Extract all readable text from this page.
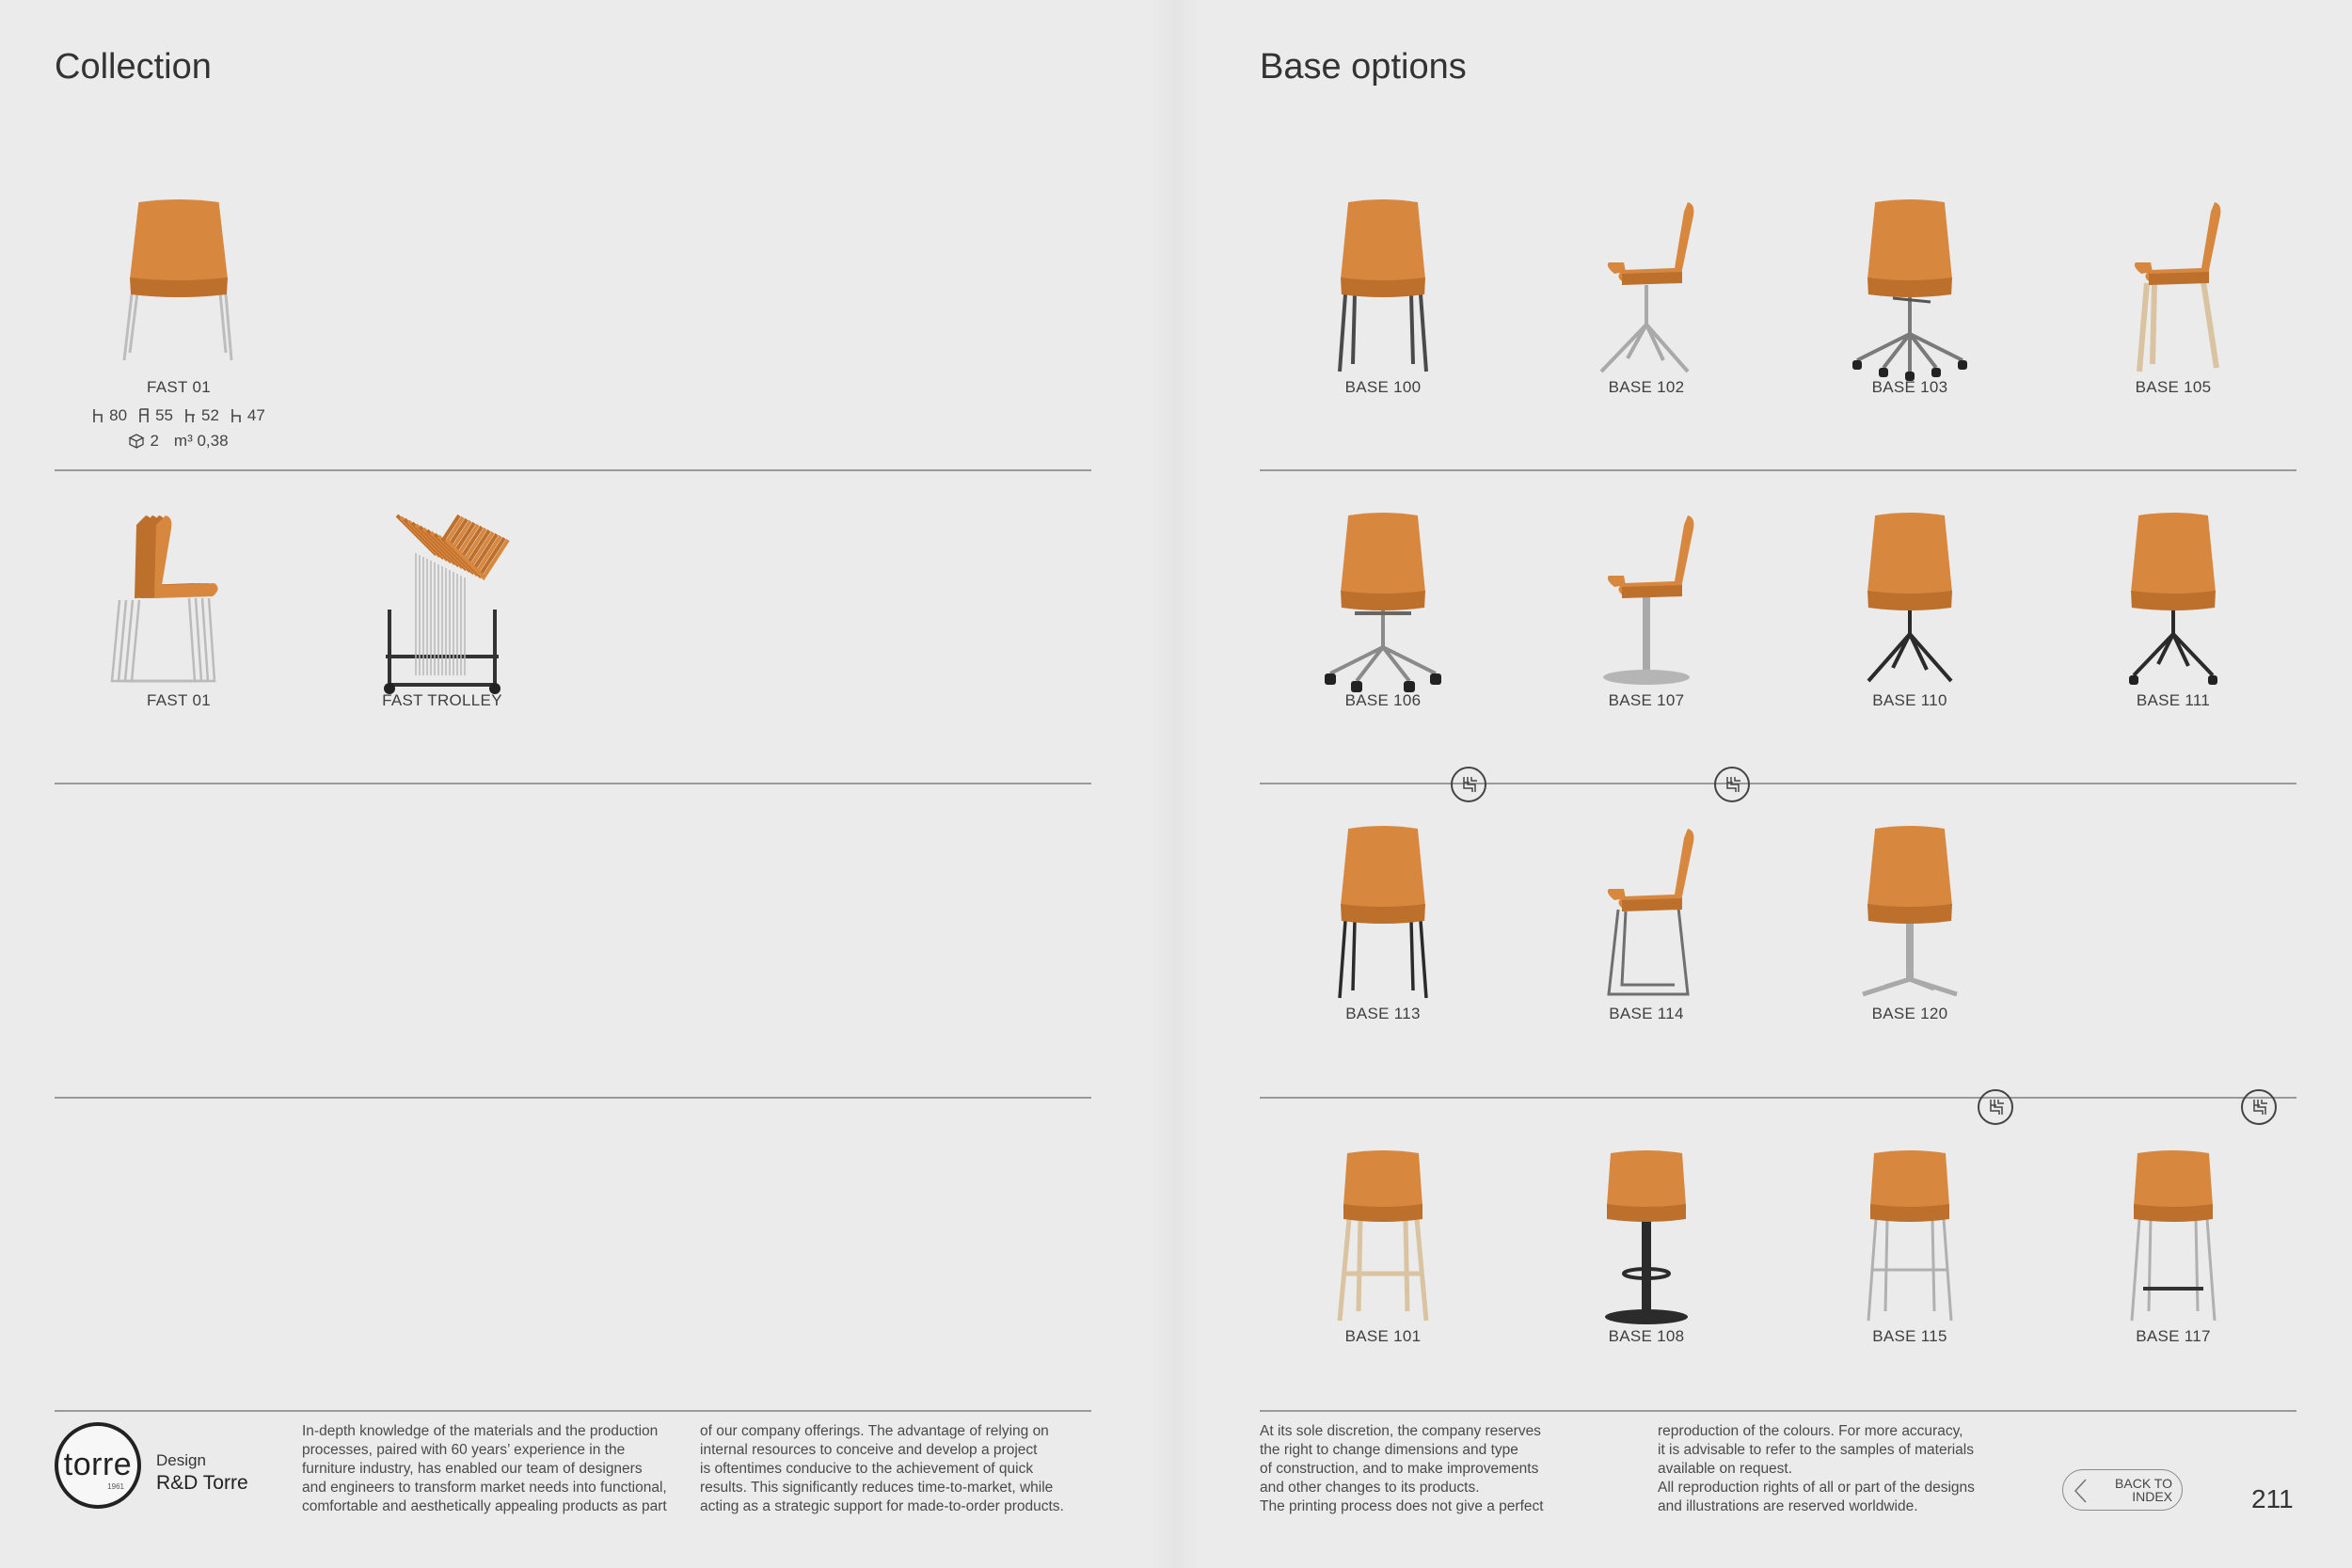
Collection
FAST 01
FAST 01	FAST TROLLEY
80 55 52 47
2 m³ 0,38
Base options
BASE 100	BASE 102	BASE 103	BASE 105
BASE 106	BASE 107	BASE 110	BASE 111
BASE 113	BASE 114	BASE 120
BASE 101	BASE 108	BASE 115	BASE 117
torre
1961
Design
R&D Torre
In-depth knowledge of the materials and the production
processes, paired with 60 years’ experience in the
furniture industry, has enabled our team of designers
and engineers to transform market needs into functional,
comfortable and aesthetically appealing products as part
of our company offerings. The advantage of relying on
internal resources to conceive and develop a project
is oftentimes conducive to the achievement of quick
results. This significantly reduces time-to-market, while
acting as a strategic support for made-to-order products.
At its sole discretion, the company reserves
the right to change dimensions and type
of construction, and to make improvements
and other changes to its products.
The printing process does not give a perfect
reproduction of the colours. For more accuracy,
it is advisable to refer to the samples of materials
available on request.
All reproduction rights of all or part of the designs
and illustrations are reserved worldwide.
BACK TO
INDEX	211
